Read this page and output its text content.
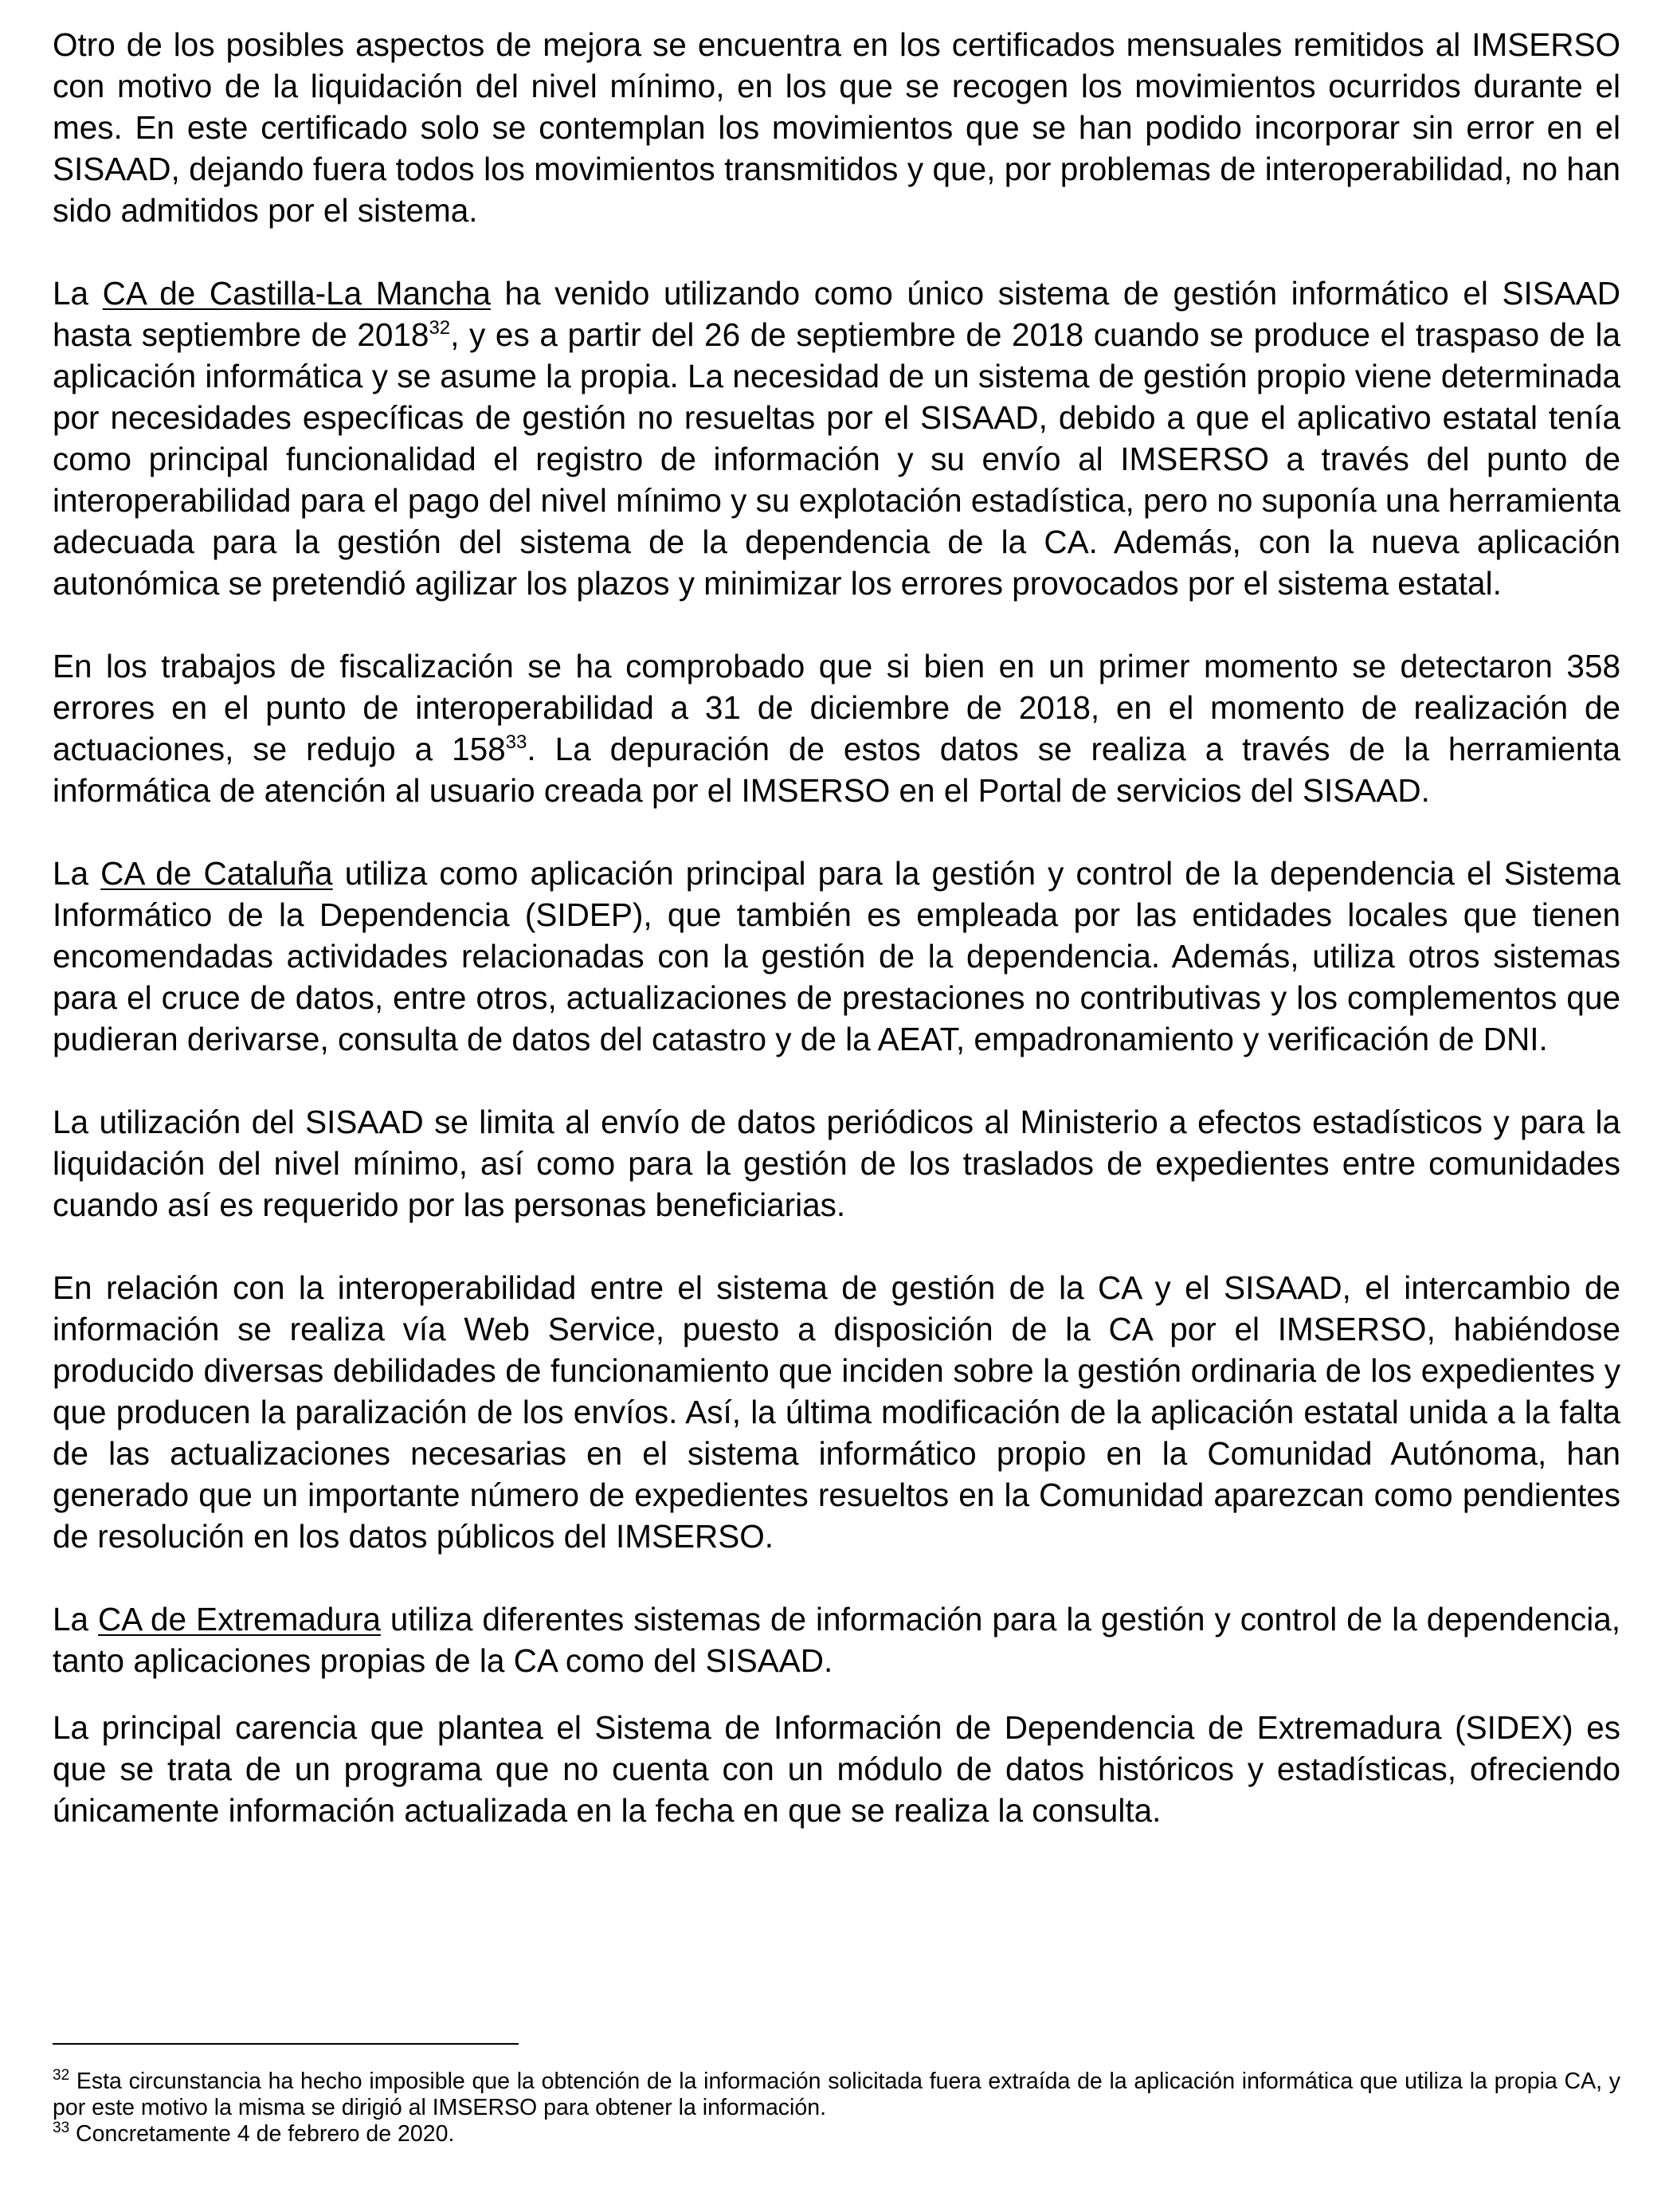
Otro de los posibles aspectos de mejora se encuentra en los certificados mensuales remitidos al IMSERSO con motivo de la liquidación del nivel mínimo, en los que se recogen los movimientos ocurridos durante el mes. En este certificado solo se contemplan los movimientos que se han podido incorporar sin error en el SISAAD, dejando fuera todos los movimientos transmitidos y que, por problemas de interoperabilidad, no han sido admitidos por el sistema.

La CA de Castilla-La Mancha ha venido utilizando como único sistema de gestión informático el SISAAD hasta septiembre de 2018$^{32}$, y es a partir del 26 de septiembre de 2018 cuando se produce el traspaso de la aplicación informática y se asume la propia. La necesidad de un sistema de gestión propio viene determinada por necesidades específicas de gestión no resueltas por el SISAAD, debido a que el aplicativo estatal tenía como principal funcionalidad el registro de información y su envío al IMSERSO a través del punto de interoperabilidad para el pago del nivel mínimo y su explotación estadística, pero no suponía una herramienta adecuada para la gestión del sistema de la dependencia de la CA. Además, con la nueva aplicación autonómica se pretendió agilizar los plazos y minimizar los errores provocados por el sistema estatal.

En los trabajos de fiscalización se ha comprobado que si bien en un primer momento se detectaron 358 errores en el punto de interoperabilidad a 31 de diciembre de 2018, en el momento de realización de actuaciones, se redujo a $158^{33}$. La depuración de estos datos se realiza a través de la herramienta informática de atención al usuario creada por el IMSERSO en el Portal de servicios del SISAAD.

La CA de Cataluña utiliza como aplicación principal para la gestión y control de la dependencia el Sistema Informático de la Dependencia (SIDEP), que también es empleada por las entidades locales que tienen encomendadas actividades relacionadas con la gestión de la dependencia. Además, utiliza otros sistemas para el cruce de datos, entre otros, actualizaciones de prestaciones no contributivas y los complementos que pudieran derivarse, consulta de datos del catastro y de la AEAT, empadronamiento y verificación de DNI.

La utilización del SISAAD se limita al envío de datos periódicos al Ministerio a efectos estadísticos y para la liquidación del nivel mínimo, así como para la gestión de los traslados de expedientes entre comunidades cuando así es requerido por las personas beneficiarias.

En relación con la interoperabilidad entre el sistema de gestión de la CA y el SISAAD, el intercambio de información se realiza vía Web Service, puesto a disposición de la CA por el IMSERSO, habiéndose producido diversas debilidades de funcionamiento que inciden sobre la gestión ordinaria de los expedientes y que producen la paralización de los envíos. Así, la última modificación de la aplicación estatal unida a la falta de las actualizaciones necesarias en el sistema informático propio en la Comunidad Autónoma, han generado que un importante número de expedientes resueltos en la Comunidad aparezcan como pendientes de resolución en los datos públicos del IMSERSO.

La CA de Extremadura utiliza diferentes sistemas de información para la gestión y control de la dependencia, tanto aplicaciones propias de la CA como del SISAAD.

La principal carencia que plantea el Sistema de Información de Dependencia de Extremadura (SIDEX) es que se trata de un programa que no cuenta con un módulo de datos históricos y estadísticas, ofreciendo únicamente información actualizada en la fecha en que se realiza la consulta.

$^{32}$ Esta circunstancia ha hecho imposible que la obtención de la información solicitada fuera extraída de la aplicación informática que utiliza la propia CA, y por este motivo la misma se dirigió al IMSERSO para obtener la información.

$^{33}$ Concretamente 4 de febrero de 2020.
